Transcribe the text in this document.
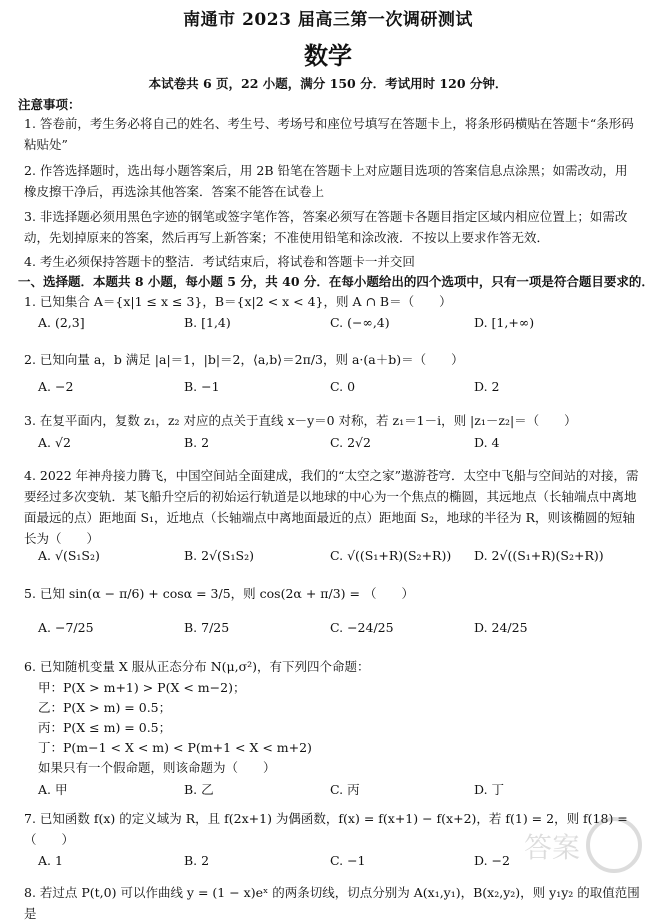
南通市 2023 届高三第一次调研测试
数学
本试卷共 6 页，22 小题，满分 150 分．考试用时 120 分钟．
注意事项：
1. 答卷前，考生务必将自己的姓名、考生号、考场号和座位号填写在答题卡上，将条形码横贴在答题卡“条形码粘贴处”
2. 作答选择题时，选出每小题答案后，用 2B 铅笔在答题卡上对应题目选项的答案信息点涂黑；如需改动，用橡皮擦干净后，再选涂其他答案．答案不能答在试卷上
3. 非选择题必须用黑色字迹的钢笔或签字笔作答，答案必须写在答题卡各题目指定区域内相应位置上；如需改动，先划掉原来的答案，然后再写上新答案；不准使用铅笔和涂改液．不按以上要求作答无效．
4. 考生必须保持答题卡的整洁．考试结束后，将试卷和答题卡一并交回
一、选择题．本题共 8 小题，每小题 5 分，共 40 分．在每小题给出的四个选项中，只有一项是符合题目要求的．
1. 已知集合 A＝{x|1 ≤ x ≤ 3}，B＝{x|2 < x < 4}，则 A ∩ B＝（　　）
A. (2,3]	B. [1,4)	C. (−∞,4)	D. [1,+∞)
2. 已知向量 a，b 满足 |a|＝1，|b|＝2，⟨a,b⟩＝2π/3，则 a·(a＋b)＝（　　）
A. −2	B. −1	C. 0	D. 2
3. 在复平面内，复数 z₁，z₂ 对应的点关于直线 x－y＝0 对称，若 z₁＝1－i，则 |z₁－z₂|＝（　　）
A. √2	B. 2	C. 2√2	D. 4
4. 2022 年神舟接力腾飞，中国空间站全面建成，我们的“太空之家”遨游苍穹．太空中飞船与空间站的对接，需要经过多次变轨．某飞船升空后的初始运行轨道是以地球的中心为一个焦点的椭圆，其远地点（长轴端点中离地面最远的点）距地面 S₁，近地点（长轴端点中离地面最近的点）距地面 S₂，地球的半径为 R，则该椭圆的短轴长为（　　）
A. √(S₁S₂)	B. 2√(S₁S₂)	C. √((S₁+R)(S₂+R)) D. 2√((S₁+R)(S₂+R))
5. 已知 sin(α − π/6) + cosα = 3/5，则 cos(2α + π/3) = （　　）
A. −7/25	B. 7/25	C. −24/25	D. 24/25
6. 已知随机变量 X 服从正态分布 N(μ,σ²)，有下列四个命题：
甲：P(X > m+1) > P(X < m−2)；
乙：P(X > m) = 0.5；
丙：P(X ≤ m) = 0.5；
丁：P(m−1 < X < m) < P(m+1 < X < m+2)
如果只有一个假命题，则该命题为（　　）
A. 甲	B. 乙	C. 丙	D. 丁
7. 已知函数 f(x) 的定义域为 R，且 f(2x+1) 为偶函数，f(x) = f(x+1) − f(x+2)，若 f(1) = 2，则 f(18) = （　　）
A. 1	B. 2	C. −1	D. −2
8. 若过点 P(t,0) 可以作曲线 y = (1 − x)eˣ 的两条切线，切点分别为 A(x₁,y₁)，B(x₂,y₂)，则 y₁y₂ 的取值范围是
答案
